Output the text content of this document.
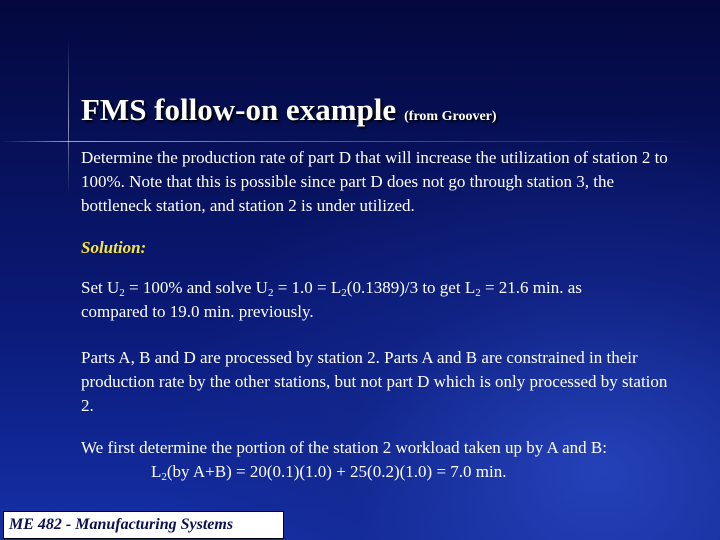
FMS follow-on example (from Groover)
Determine the production rate of part D that will increase the utilization of station 2 to 100%. Note that this is possible since part D does not go through station 3, the bottleneck station, and station 2 is under utilized.
Solution:
Set $U_2 = 100\%$ and solve $U_2 = 1.0 = L_2(0.1389)/3$ to get $L_2 = 21.6$ min. as
compared to 19.0 min. previously.
Parts A, B and D are processed by station 2. Parts A and B are constrained in their production rate by the other stations, but not part D which is only processed by station 2.
We first determine the portion of the station 2 workload taken up by A and B:
$L_2(by$ A+B) = 20(0.1)(1.0) + 25(0.2)(1.0) = 7.0 min.
ME 482 - Manufacturing Systems
